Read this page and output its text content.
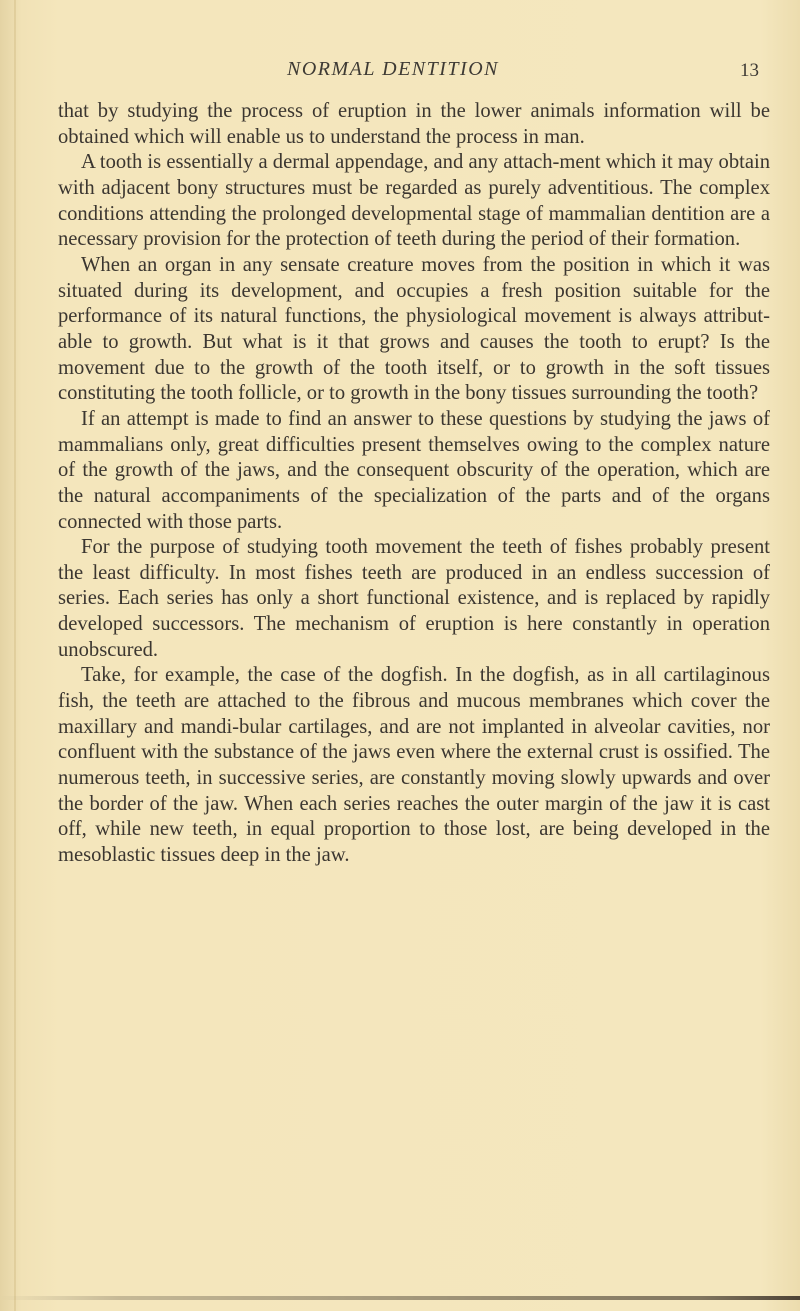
NORMAL DENTITION	13

that by studying the process of eruption in the lower animals information will be obtained which will enable us to understand the process in man.

A tooth is essentially a dermal appendage, and any attach-ment which it may obtain with adjacent bony structures must be regarded as purely adventitious. The complex conditions attending the prolonged developmental stage of mammalian dentition are a necessary provision for the protection of teeth during the period of their formation.

When an organ in any sensate creature moves from the position in which it was situated during its development, and occupies a fresh position suitable for the performance of its natural functions, the physiological movement is always attribut-able to growth. But what is it that grows and causes the tooth to erupt? Is the movement due to the growth of the tooth itself, or to growth in the soft tissues constituting the tooth follicle, or to growth in the bony tissues surrounding the tooth?

If an attempt is made to find an answer to these questions by studying the jaws of mammalians only, great difficulties present themselves owing to the complex nature of the growth of the jaws, and the consequent obscurity of the operation, which are the natural accompaniments of the specialization of the parts and of the organs connected with those parts.

For the purpose of studying tooth movement the teeth of fishes probably present the least difficulty. In most fishes teeth are produced in an endless succession of series. Each series has only a short functional existence, and is replaced by rapidly developed successors. The mechanism of eruption is here constantly in operation unobscured.

Take, for example, the case of the dogfish. In the dogfish, as in all cartilaginous fish, the teeth are attached to the fibrous and mucous membranes which cover the maxillary and mandi-bular cartilages, and are not implanted in alveolar cavities, nor confluent with the substance of the jaws even where the external crust is ossified. The numerous teeth, in successive series, are constantly moving slowly upwards and over the border of the jaw. When each series reaches the outer margin of the jaw it is cast off, while new teeth, in equal proportion to those lost, are being developed in the mesoblastic tissues deep in the jaw.
